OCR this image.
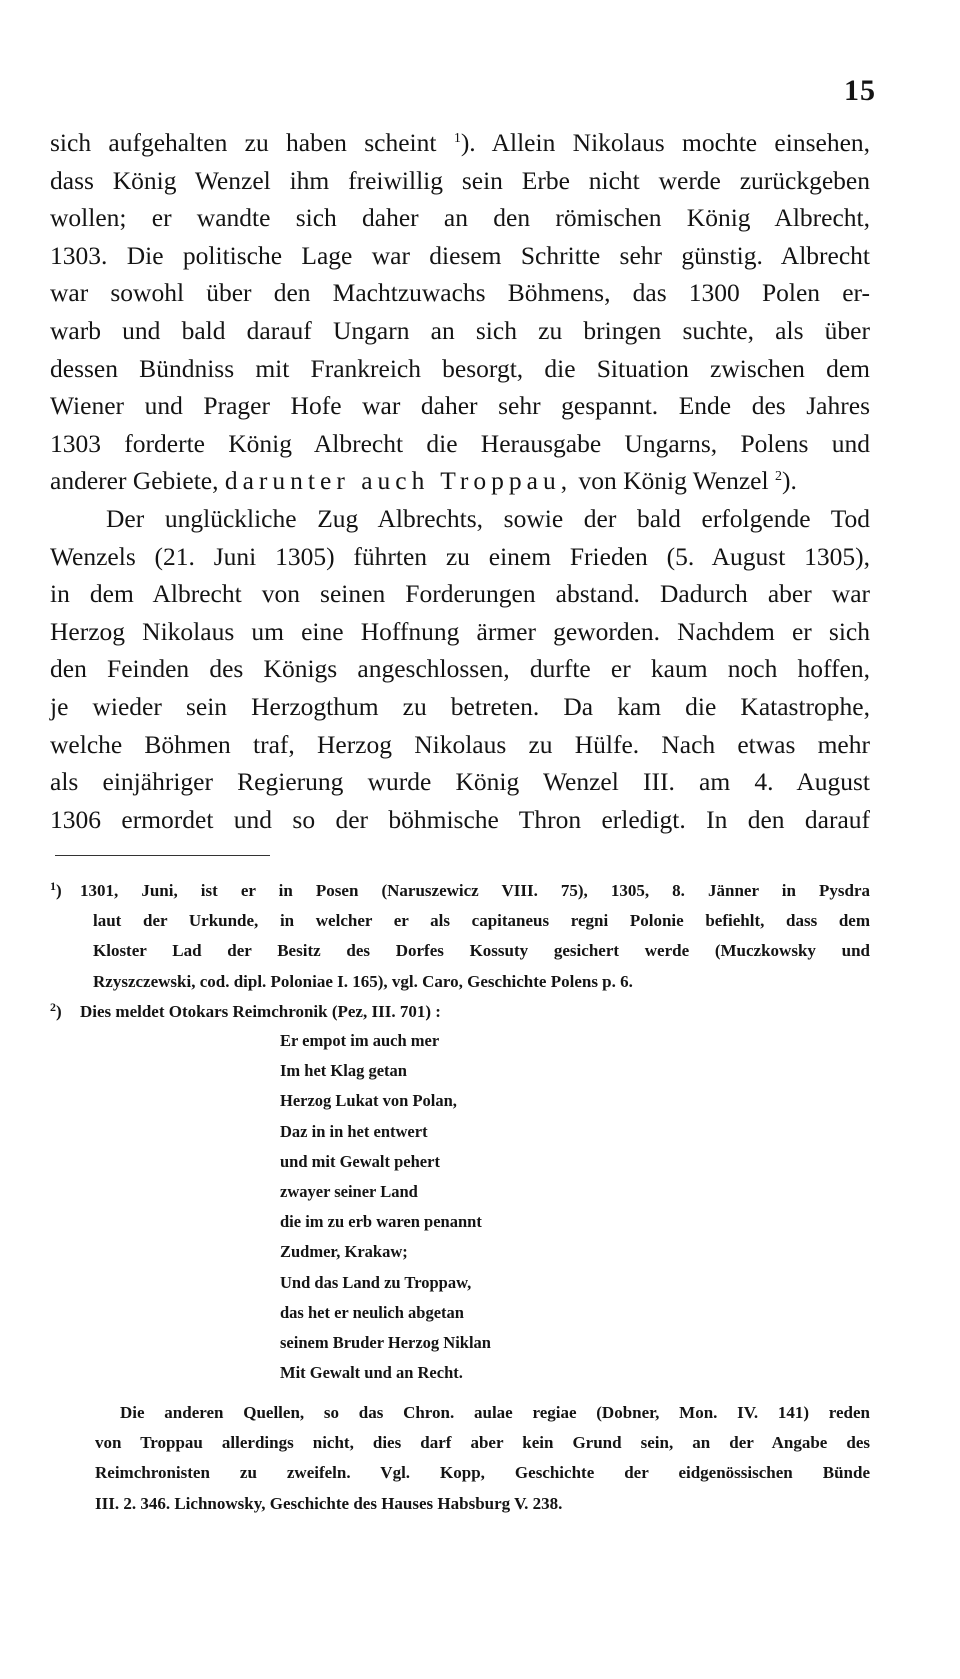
15
sich aufgehalten zu haben scheint $^1$). Allein Nikolaus mochte einsehen,
dass König Wenzel ihm freiwillig sein Erbe nicht werde zurückgeben
wollen; er wandte sich daher an den römischen König Albrecht,
1303. Die politische Lage war diesem Schritte sehr günstig. Albrecht
war sowohl über den Machtzuwachs Böhmens, das 1300 Polen er-
warb und bald darauf Ungarn an sich zu bringen suchte, als über
dessen Bündniss mit Frankreich besorgt, die Situation zwischen dem
Wiener und Prager Hofe war daher sehr gespannt. Ende des Jahres
1303 forderte König Albrecht die Herausgabe Ungarns, Polens und
anderer Gebiete, darunter auch Troppau, von König Wenzel $^2$).
Der unglückliche Zug Albrechts, sowie der bald erfolgende Tod
Wenzels (21. Juni 1305) führten zu einem Frieden (5. August 1305),
in dem Albrecht von seinen Forderungen abstand. Dadurch aber war
Herzog Nikolaus um eine Hoffnung ärmer geworden. Nachdem er sich
den Feinden des Königs angeschlossen, durfte er kaum noch hoffen,
je wieder sein Herzogthum zu betreten. Da kam die Katastrophe,
welche Böhmen traf, Herzog Nikolaus zu Hülfe. Nach etwas mehr
als einjähriger Regierung wurde König Wenzel III. am 4. August
1306 ermordet und so der böhmische Thron erledigt. In den darauf
$^1$) 1301, Juni, ist er in Posen (Naruszewicz VIII. 75), 1305, 8. Jänner in Pysdra
laut der Urkunde, in welcher er als capitaneus regni Polonie befiehlt, dass dem
Kloster Lad der Besitz des Dorfes Kossuty gesichert werde (Muczkowsky und
Rzyszczewski, cod. dipl. Poloniae I. 165), vgl. Caro, Geschichte Polens p. 6.
$^2$) Dies meldet Otokars Reimchronik (Pez, III. 701) :
Er empot im auch mer
Im het Klag getan
Herzog Lukat von Polan,
Daz in in het entwert
und mit Gewalt pehert
zwayer seiner Land
die im zu erb waren penannt
Zudmer, Krakaw;
Und das Land zu Troppaw,
das het er neulich abgetan
seinem Bruder Herzog Niklan
Mit Gewalt und an Recht.
Die anderen Quellen, so das Chron. aulae regiae (Dobner, Mon. IV. 141) reden
von Troppau allerdings nicht, dies darf aber kein Grund sein, an der Angabe des
Reimchronisten zu zweifeln. Vgl. Kopp, Geschichte der eidgenössischen Bünde
III. 2. 346. Lichnowsky, Geschichte des Hauses Habsburg V. 238.
